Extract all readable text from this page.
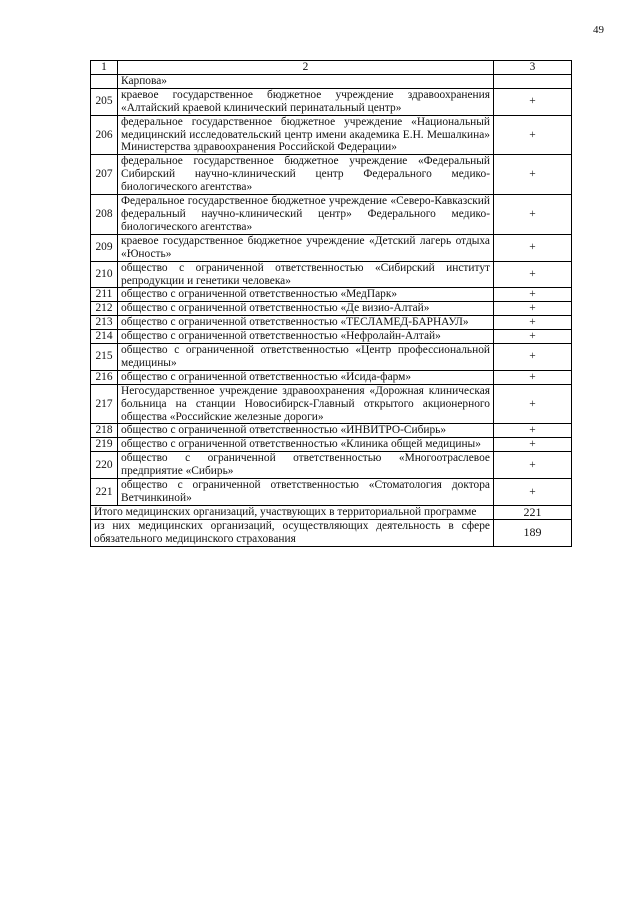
49
1	2	3
	Карпова»	
205	краевое государственное бюджетное учреждение здравоохранения «Алтайский краевой клинический перинатальный центр»	+
206	федеральное государственное бюджетное учреждение «Национальный медицинский исследовательский центр имени академика Е.Н. Мешалкина» Министерства здравоохранения Российской Федерации»	+
207	федеральное государственное бюджетное учреждение «Федеральный Сибирский научно-клинический центр Федерального медико-биологического агентства»	+
208	Федеральное государственное бюджетное учреждение «Северо-Кавказский федеральный научно-клинический центр» Федерального медико-биологического агентства»	+
209	краевое государственное бюджетное учреждение «Детский лагерь отдыха «Юность»	+
210	общество с ограниченной ответственностью «Сибирский институт репродукции и генетики человека»	+
211	общество с ограниченной ответственностью «МедПарк»	+
212	общество с ограниченной ответственностью «Де визио-Алтай»	+
213	общество с ограниченной ответственностью «ТЕСЛАМЕД-БАРНАУЛ»	+
214	общество с ограниченной ответственностью «Нефролайн-Алтай»	+
215	общество с ограниченной ответственностью «Центр профессиональной медицины»	+
216	общество с ограниченной ответственностью «Исида-фарм»	+
217	Негосударственное учреждение здравоохранения «Дорожная клиническая больница на станции Новосибирск-Главный открытого акционерного общества «Российские железные дороги»	+
218	общество с ограниченной ответственностью «ИНВИТРО-Сибирь»	+
219	общество с ограниченной ответственностью «Клиника общей медицины»	+
220	общество с ограниченной ответственностью «Многоотраслевое предприятие «Сибирь»	+
221	общество с ограниченной ответственностью «Стоматология доктора Ветчинкиной»	+
Итого медицинских организаций, участвующих в территориальной программе		221
из них медицинских организаций, осуществляющих деятельность в сфере обязательного медицинского страхования		189
